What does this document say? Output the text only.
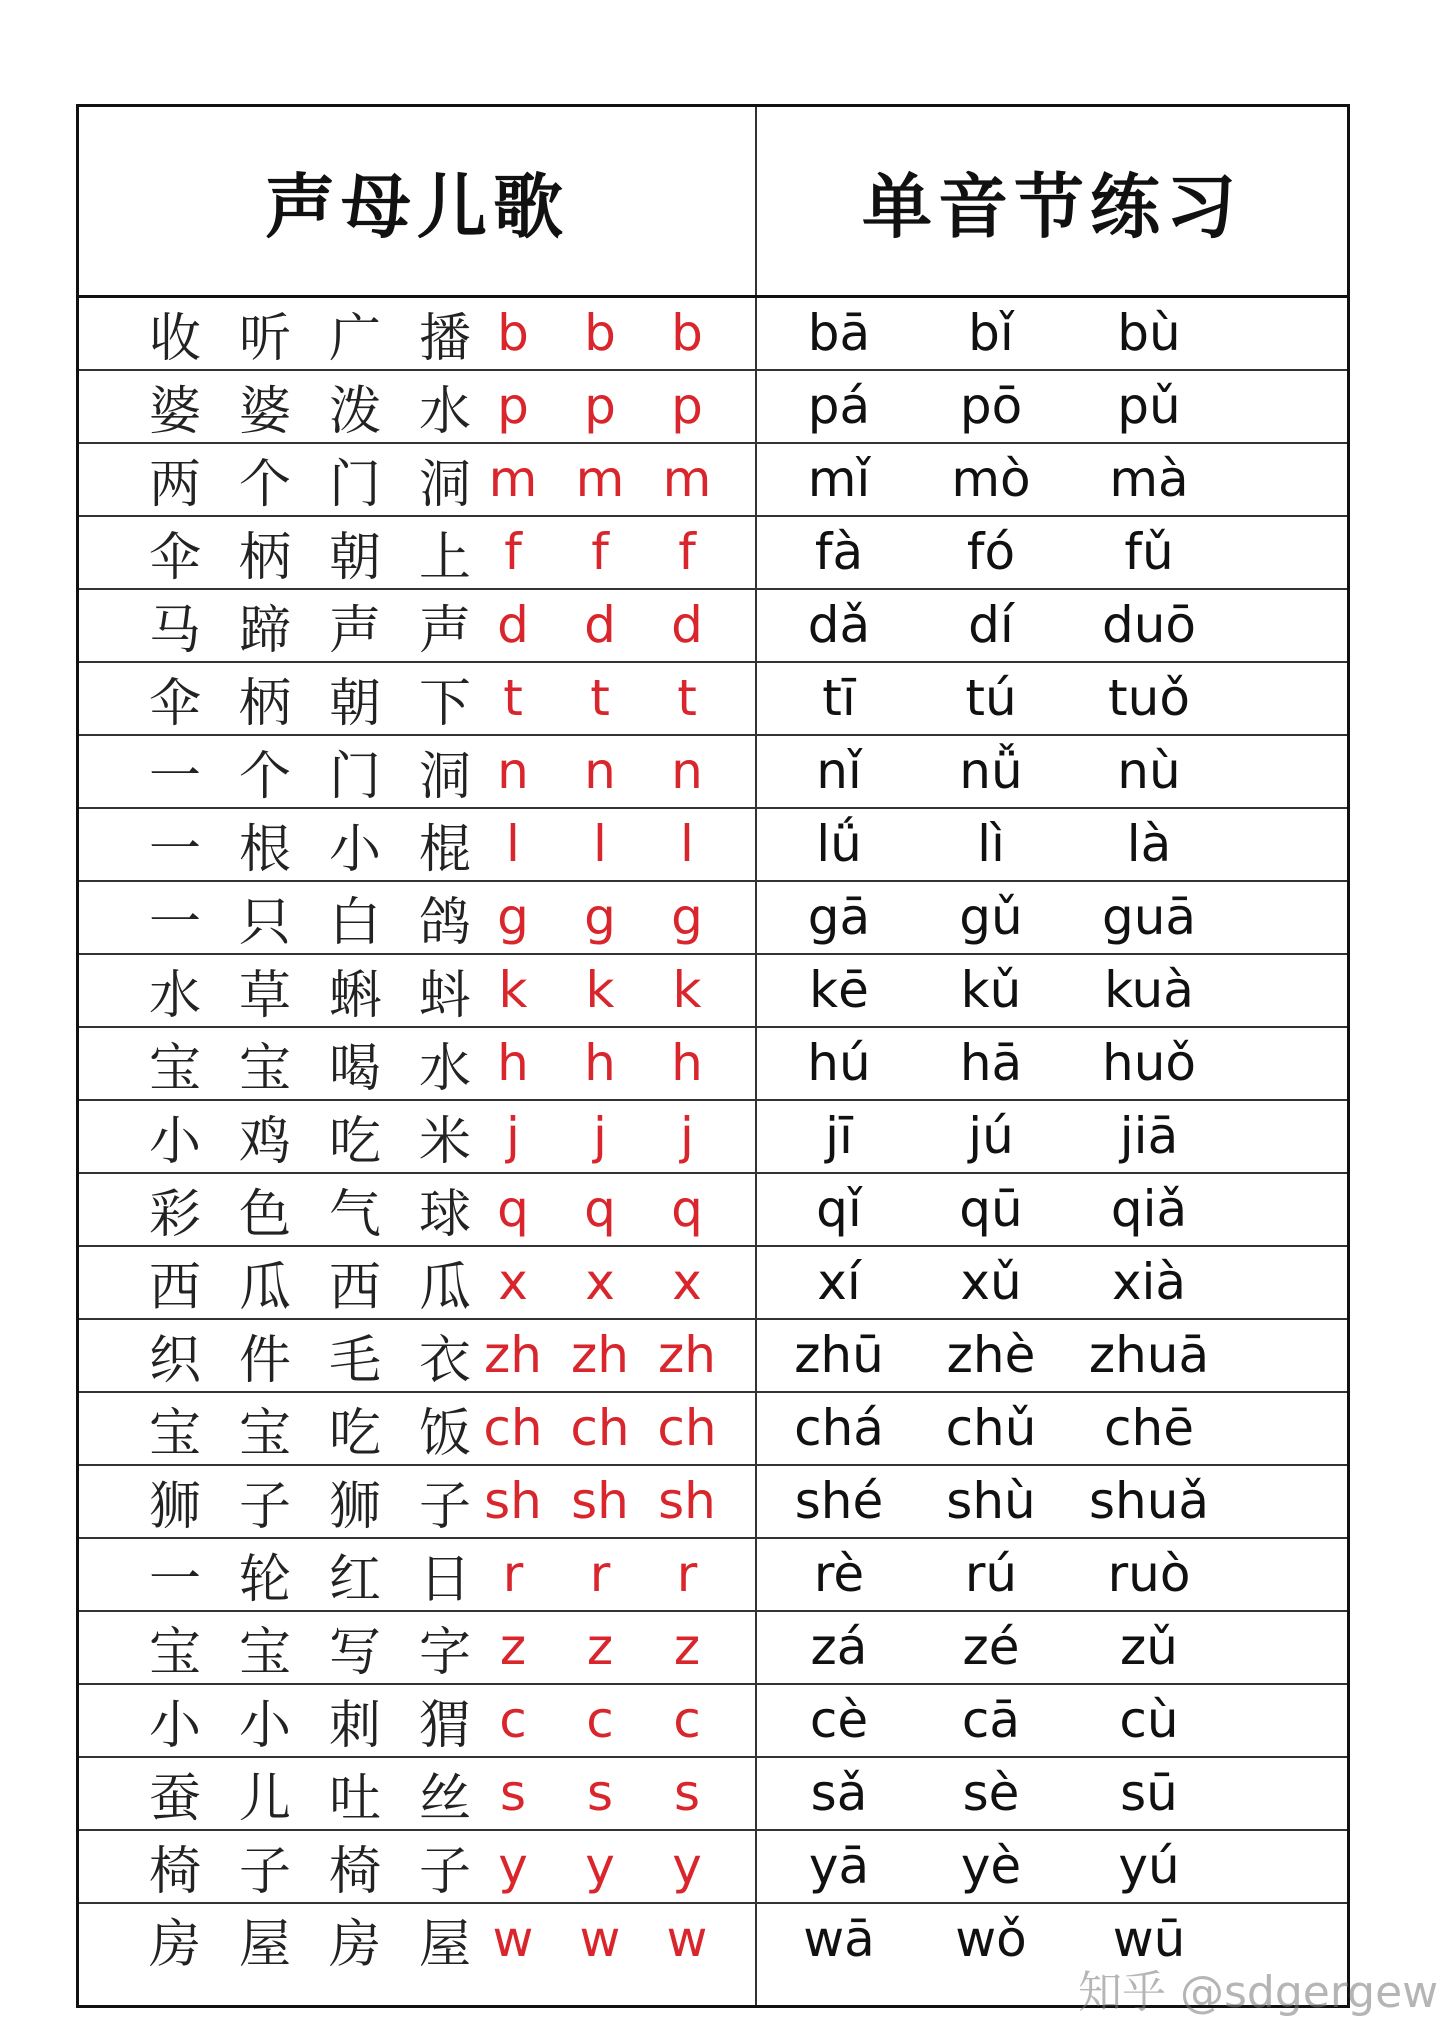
声母儿歌	单音节练习
收 听 广 播 b	b	b	bā	bǐ	bù
婆 婆 泼 水 p	p	p	pá	pō	pǔ
两 个 门 洞 m m m	mǐ	mò	mà
伞 柄 朝 上 f	f	f	fà	fó	fǔ
马 蹄 声 声 d	d	d	dǎ	dí	duō
伞 柄 朝 下 t	t	t	tī	tú	tuǒ
一 个 门 洞 n	n	n	nǐ	nǚ	nù
一 根 小 棍 l	l	l	lǘ	lì	là
一 只 白 鸽 g	g	g	gā	gǔ	guā
水 草 蝌 蚪 k	k	k	kē	kǔ	kuà
宝 宝 喝 水 h	h	h	hú	hā	huǒ
小 鸡 吃 米 j	j	j	jī	jú	jiā
彩 色 气 球 q	q	q	qǐ	qū	qiǎ
西 瓜 西 瓜 x	x	x	xí	xǔ	xià
织 件 毛 衣 zh zh zh	zhū	zhè	zhuā
宝 宝 吃 饭 ch ch ch	chá	chǔ	chē
狮 子 狮 子 sh sh sh	shé	shù	shuǎ
一 轮 红 日 r	r	r	rè	rú	ruò
宝 宝 写 字 z	z	z	zá	zé	zǔ
小 小 刺 猬 c	c	c	cè	cā	cù
蚕 儿 吐 丝 s	s	s	sǎ	sè	sū
椅 子 椅 子 y	y	y	yā	yè	yú
房 屋 房 屋 w w w	wā	wǒ	wū
知乎 @sdgergew
